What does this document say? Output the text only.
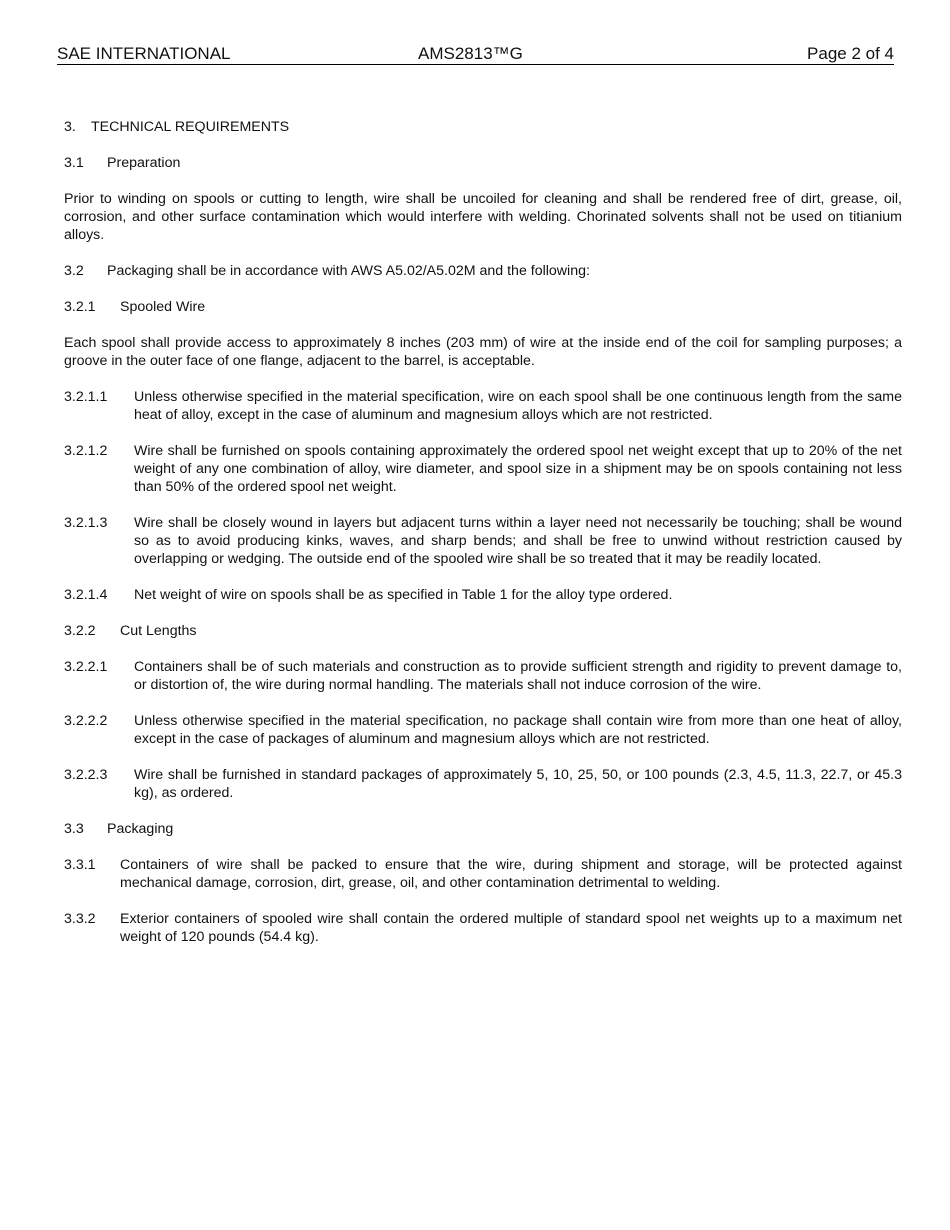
SAE INTERNATIONAL	AMS2813™G	Page 2 of 4

3. TECHNICAL REQUIREMENTS

3.1 Preparation

Prior to winding on spools or cutting to length, wire shall be uncoiled for cleaning and shall be rendered free of dirt, grease, oil, corrosion, and other surface contamination which would interfere with welding. Chorinated solvents shall not be used on titianium alloys.

3.2 Packaging shall be in accordance with AWS A5.02/A5.02M and the following:

3.2.1 Spooled Wire

Each spool shall provide access to approximately 8 inches (203 mm) of wire at the inside end of the coil for sampling purposes; a groove in the outer face of one flange, adjacent to the barrel, is acceptable.

3.2.1.1 Unless otherwise specified in the material specification, wire on each spool shall be one continuous length from the same heat of alloy, except in the case of aluminum and magnesium alloys which are not restricted.
3.2.1.2 Wire shall be furnished on spools containing approximately the ordered spool net weight except that up to 20% of the net weight of any one combination of alloy, wire diameter, and spool size in a shipment may be on spools containing not less than 50% of the ordered spool net weight.
3.2.1.3 Wire shall be closely wound in layers but adjacent turns within a layer need not necessarily be touching; shall be wound so as to avoid producing kinks, waves, and sharp bends; and shall be free to unwind without restriction caused by overlapping or wedging. The outside end of the spooled wire shall be so treated that it may be readily located.
3.2.1.4 Net weight of wire on spools shall be as specified in Table 1 for the alloy type ordered.

3.2.2 Cut Lengths

3.2.2.1 Containers shall be of such materials and construction as to provide sufficient strength and rigidity to prevent damage to, or distortion of, the wire during normal handling. The materials shall not induce corrosion of the wire.
3.2.2.2 Unless otherwise specified in the material specification, no package shall contain wire from more than one heat of alloy, except in the case of packages of aluminum and magnesium alloys which are not restricted.
3.2.2.3 Wire shall be furnished in standard packages of approximately 5, 10, 25, 50, or 100 pounds (2.3, 4.5, 11.3, 22.7, or 45.3 kg), as ordered.

3.3 Packaging

3.3.1 Containers of wire shall be packed to ensure that the wire, during shipment and storage, will be protected against mechanical damage, corrosion, dirt, grease, oil, and other contamination detrimental to welding.
3.3.2 Exterior containers of spooled wire shall contain the ordered multiple of standard spool net weights up to a maximum net weight of 120 pounds (54.4 kg).
